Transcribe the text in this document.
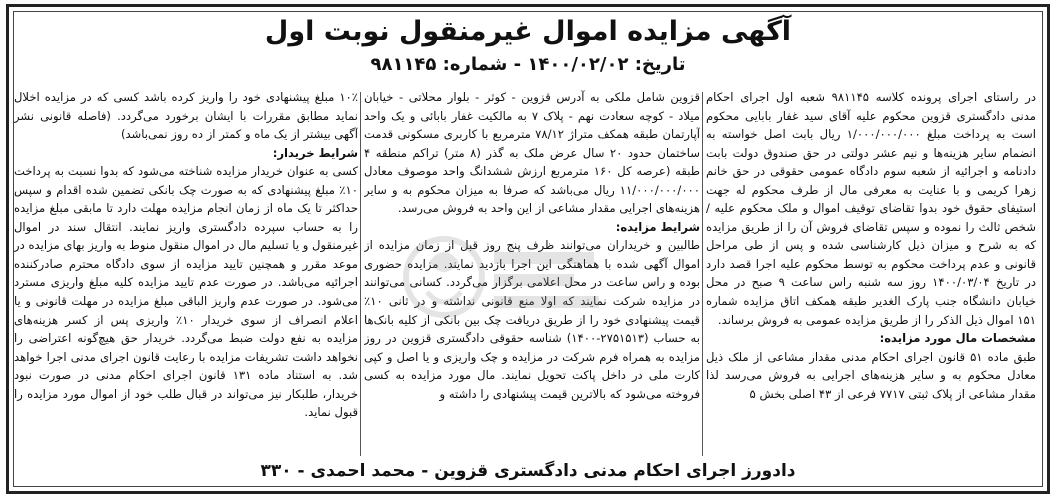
آگهی مزایده اموال غیرمنقول نوبت اول
تاریخ: ۱۴۰۰/۰۲/۰۲ - شماره: ۹۸۱۱۴۵

در راستای اجرای پرونده کلاسه ۹۸۱۱۴۵ شعبه اول اجرای احکام مدنی دادگستری قزوین محکوم علیه آقای سید غفار بابایی محکوم است به پرداخت مبلغ ۱/۰۰۰/۰۰۰/۰۰۰ ریال بابت اصل خواسته به انضمام سایر هزینه‌ها و نیم عشر دولتی در حق صندوق دولت بابت دادنامه و اجرائیه از شعبه سوم دادگاه عمومی حقوقی در حق خانم زهرا کریمی و با عنایت به معرفی مال از طرف محکوم له جهت استیفای حقوق خود بدوا تقاضای توقیف اموال و ملک محکوم علیه / شخص ثالث را نموده و سپس تقاضای فروش آن را از طریق مزایده که به شرح و میزان ذیل کارشناسی شده و پس از طی مراحل قانونی و عدم پرداخت محکوم به توسط محکوم علیه اجرا قصد دارد در تاریخ ۱۴۰۰/۰۳/۰۴ روز سه شنبه راس ساعت ۹ صبح در محل خیابان دانشگاه جنب پارک الغدیر طبقه همکف اتاق مزایده شماره ۱۵۱ اموال ذیل الذکر را از طریق مزایده عمومی به فروش برساند.

مشخصات مال مورد مزایده:

طبق ماده ۵۱ قانون اجرای احکام مدنی مقدار مشاعی از ملک ذیل معادل محکوم به و سایر هزینه‌های اجرایی به فروش می‌رسد لذا مقدار مشاعی از پلاک ثبتی ۷۷۱۷ فرعی از ۴۳ اصلی بخش ۵

قزوین شامل ملکی به آدرس قزوین - کوثر - بلوار محلاتی - خیابان میلاد - کوچه سعادت نهم - پلاک ۷ به مالکیت غفار بابائی و یک واحد آپارتمان طبقه همکف متراژ ۷۸/۱۲ مترمربع با کاربری مسکونی قدمت ساختمان حدود ۲۰ سال عرض ملک به گذر (۸ متر) تراکم منطقه ۴ طبقه (عرصه کل ۱۶۰ مترمربع ارزش ششدانگ واحد موصوف معادل ۱۱/۰۰۰/۰۰۰/۰۰۰ ریال می‌باشد که صرفا به میزان محکوم به و سایر هزینه‌های اجرایی مقدار مشاعی از این واحد به فروش می‌رسد.

شرایط مزایده:

طالبین و خریداران می‌توانند ظرف پنج روز قبل از زمان مزایده از اموال آگهی شده با هماهنگی این اجرا بازدید نمایند. مزایده حضوری بوده و راس ساعت در محل اعلامی برگزار می‌گردد. کسانی می‌توانند در مزایده شرکت نمایند که اولا منع قانونی نداشته و در ثانی ۱۰٪ قیمت پیشنهادی خود را از طریق دریافت چک بین بانکی از کلیه بانک‌ها به حساب (۲۷۵۱۵۱۳-۱۴۰۰) شناسه حقوقی دادگستری قزوین در روز مزایده به همراه فرم شرکت در مزایده و چک واریزی و یا اصل و کپی کارت ملی در داخل پاکت تحویل نمایند. مال مورد مزایده به کسی فروخته می‌شود که بالاترین قیمت پیشنهادی را داشته و

۱۰٪ مبلغ پیشنهادی خود را واریز کرده باشد کسی که در مزایده اخلال نماید مطابق مقررات با ایشان برخورد می‌گردد. (فاصله قانونی نشر آگهی بیشتر از یک ماه و کمتر از ده روز نمی‌باشد)

شرایط خریدار:

کسی به عنوان خریدار مزایده شناخته می‌شود که بدوا نسبت به پرداخت ۱۰٪ مبلغ پیشنهادی که به صورت چک بانکی تضمین شده اقدام و سپس حداکثر تا یک ماه از زمان انجام مزایده مهلت دارد تا مابقی مبلغ مزایده را به حساب سپرده دادگستری واریز نمایند. انتقال سند در اموال غیرمنقول و یا تسلیم مال در اموال منقول منوط به واریز بهای مزایده در موعد مقرر و همچنین تایید مزایده از سوی دادگاه محترم صادرکننده اجرائیه می‌باشد. در صورت عدم تایید مزایده کلیه مبلغ واریزی مسترد می‌شود. در صورت عدم واریز الباقی مبلغ مزایده در مهلت قانونی و یا اعلام انصراف از سوی خریدار ۱۰٪ واریزی پس از کسر هزینه‌های مزایده به نفع دولت ضبط می‌گردد. خریدار حق هیچ‌گونه اعتراضی را نخواهد داشت تشریفات مزایده با رعایت قانون اجرای مدنی اجرا خواهد شد. به استناد ماده ۱۳۱ قانون اجرای احکام مدنی در صورت نبود خریدار، طلبکار نیز می‌تواند در قبال طلب خود از اموال مورد مزایده را قبول نماید.

دادورز اجرای احکام مدنی دادگستری قزوین - محمد احمدی - ۳۳۰
